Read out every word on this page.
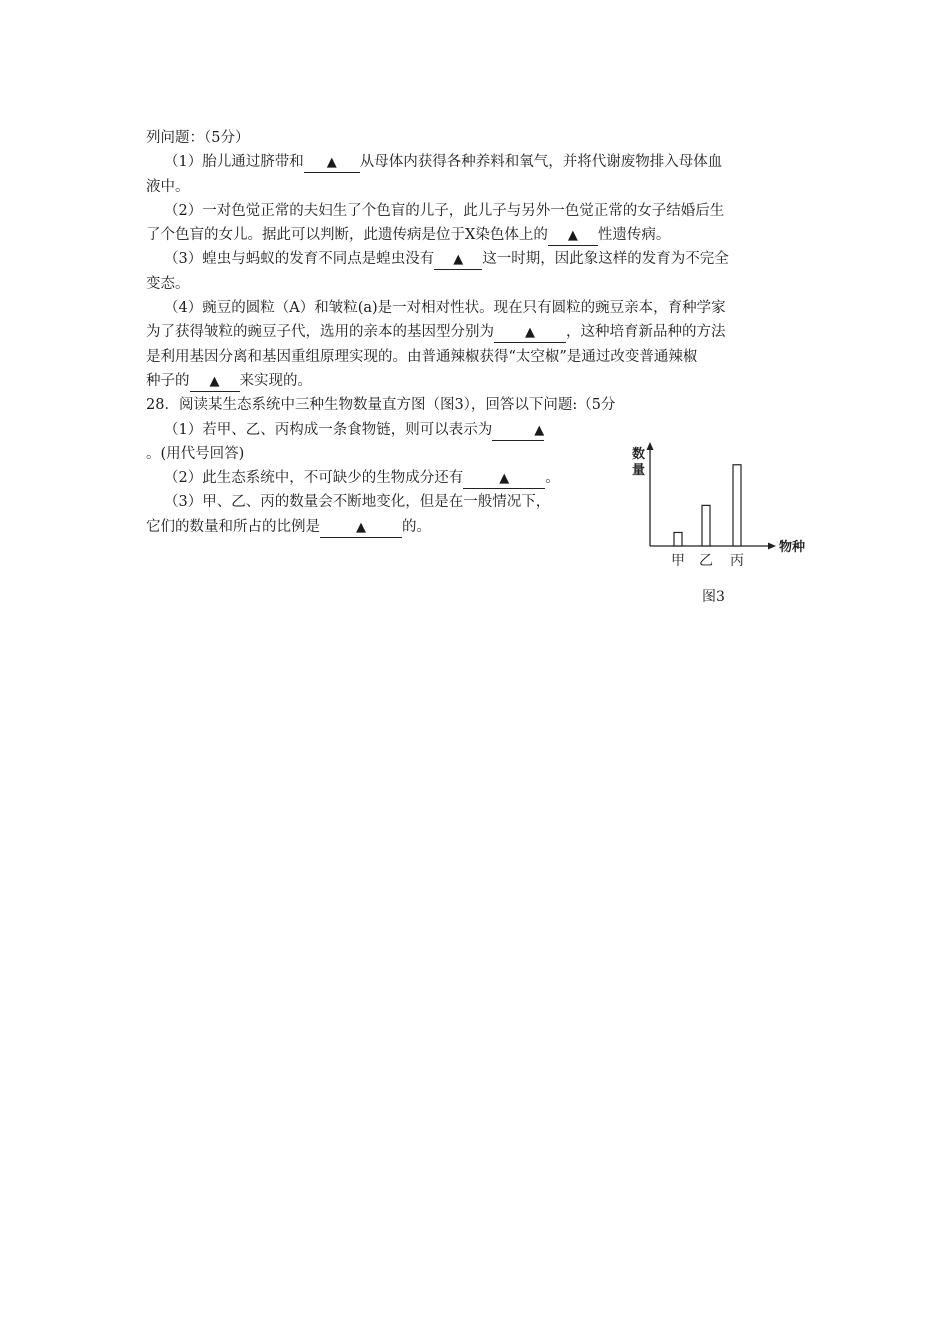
列问题：（5分）
（1）胎儿通过脐带和 ▲ 从母体内获得各种养料和氧气，并将代谢废物排入母体血
液中。
（2）一对色觉正常的夫妇生了个色盲的儿子，此儿子与另外一色觉正常的女子结婚后生
了个色盲的女儿。据此可以判断，此遗传病是位于X染色体上的 ▲ 性遗传病。
（3）蝗虫与蚂蚁的发育不同点是蝗虫没有 ▲ 这一时期，因此象这样的发育为不完全
变态。
（4）豌豆的圆粒（A）和皱粒(a)是一对相对性状。现在只有圆粒的豌豆亲本，育种学家
为了获得皱粒的豌豆子代，选用的亲本的基因型分别为 ▲ ，这种培育新品种的方法
是利用基因分离和基因重组原理实现的。由普通辣椒获得“太空椒”是通过改变普通辣椒
种子的 ▲ 来实现的。
28．阅读某生态系统中三种生物数量直方图（图3），回答以下问题:（5分
（1）若甲、乙、丙构成一条食物链，则可以表示为	▲
。(用代号回答)
（2）此生态系统中，不可缺少的生物成分还有	▲ 。
（3）甲、乙、丙的数量会不断地变化，但是在一般情况下，
它们的数量和所占的比例是	▲ 的。
数
量
物种
甲 乙 丙
图3
